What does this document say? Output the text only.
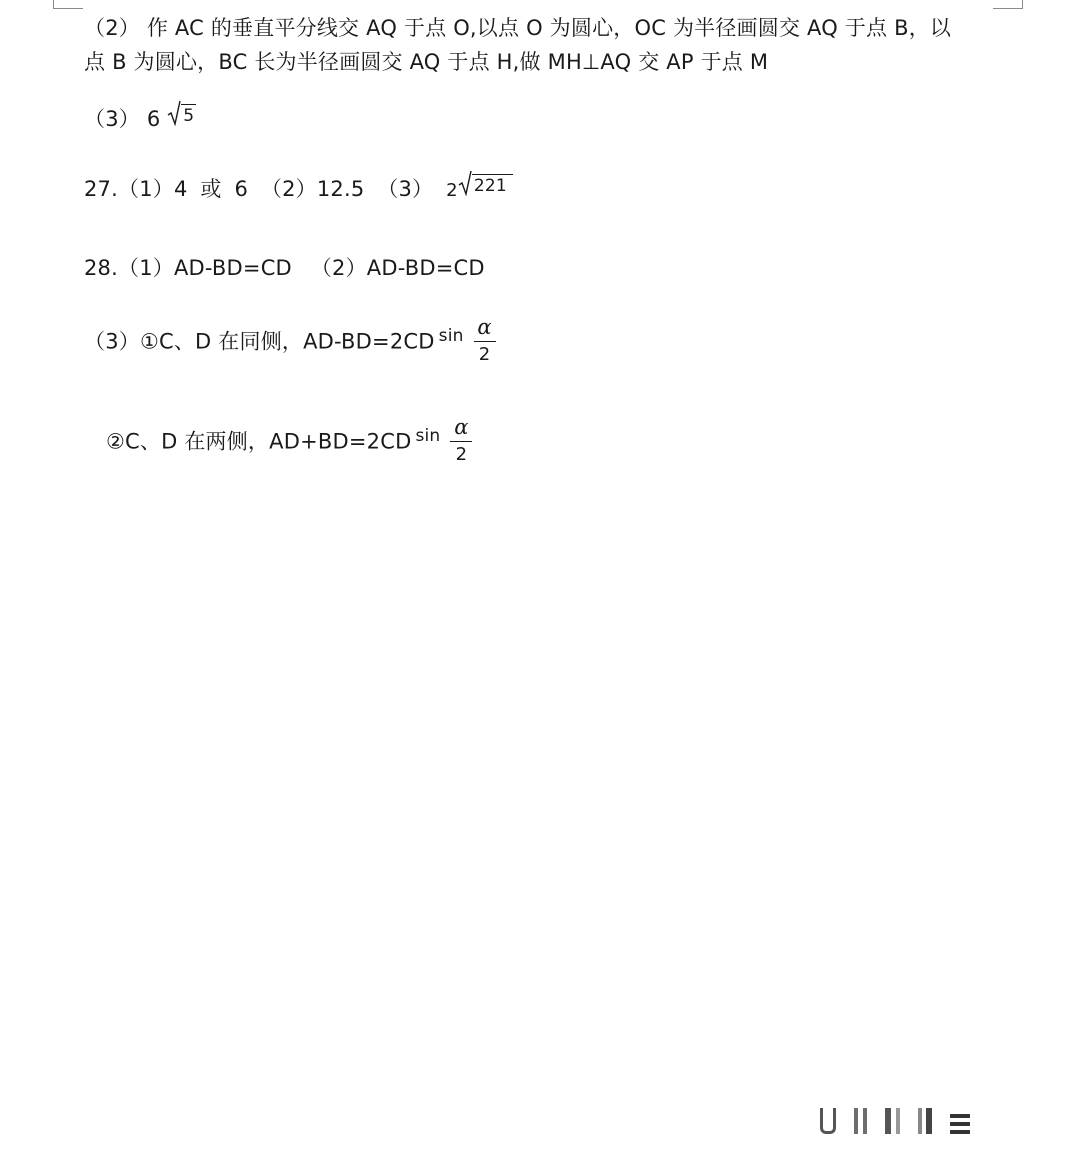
（2） 作 AC 的垂直平分线交 AQ 于点 O,以点 O 为圆心，OC 为半径画圆交 AQ 于点 B，以
点 B 为圆心，BC 长为半径画圆交 AQ 于点 H,做 MH⊥AQ 交 AP 于点 M
（3） 6 5
27.（1）4 或 6 （2）12.5 （3） 2 221
28.（1）AD-BD=CD （2）AD-BD=CD
（3）①C、D 在同侧，AD-BD=2CD $^{sin} \frac{\alpha}{2}$
②C、D 在两侧，AD+BD=2CD $^{sin} \frac{\alpha}{2}$
